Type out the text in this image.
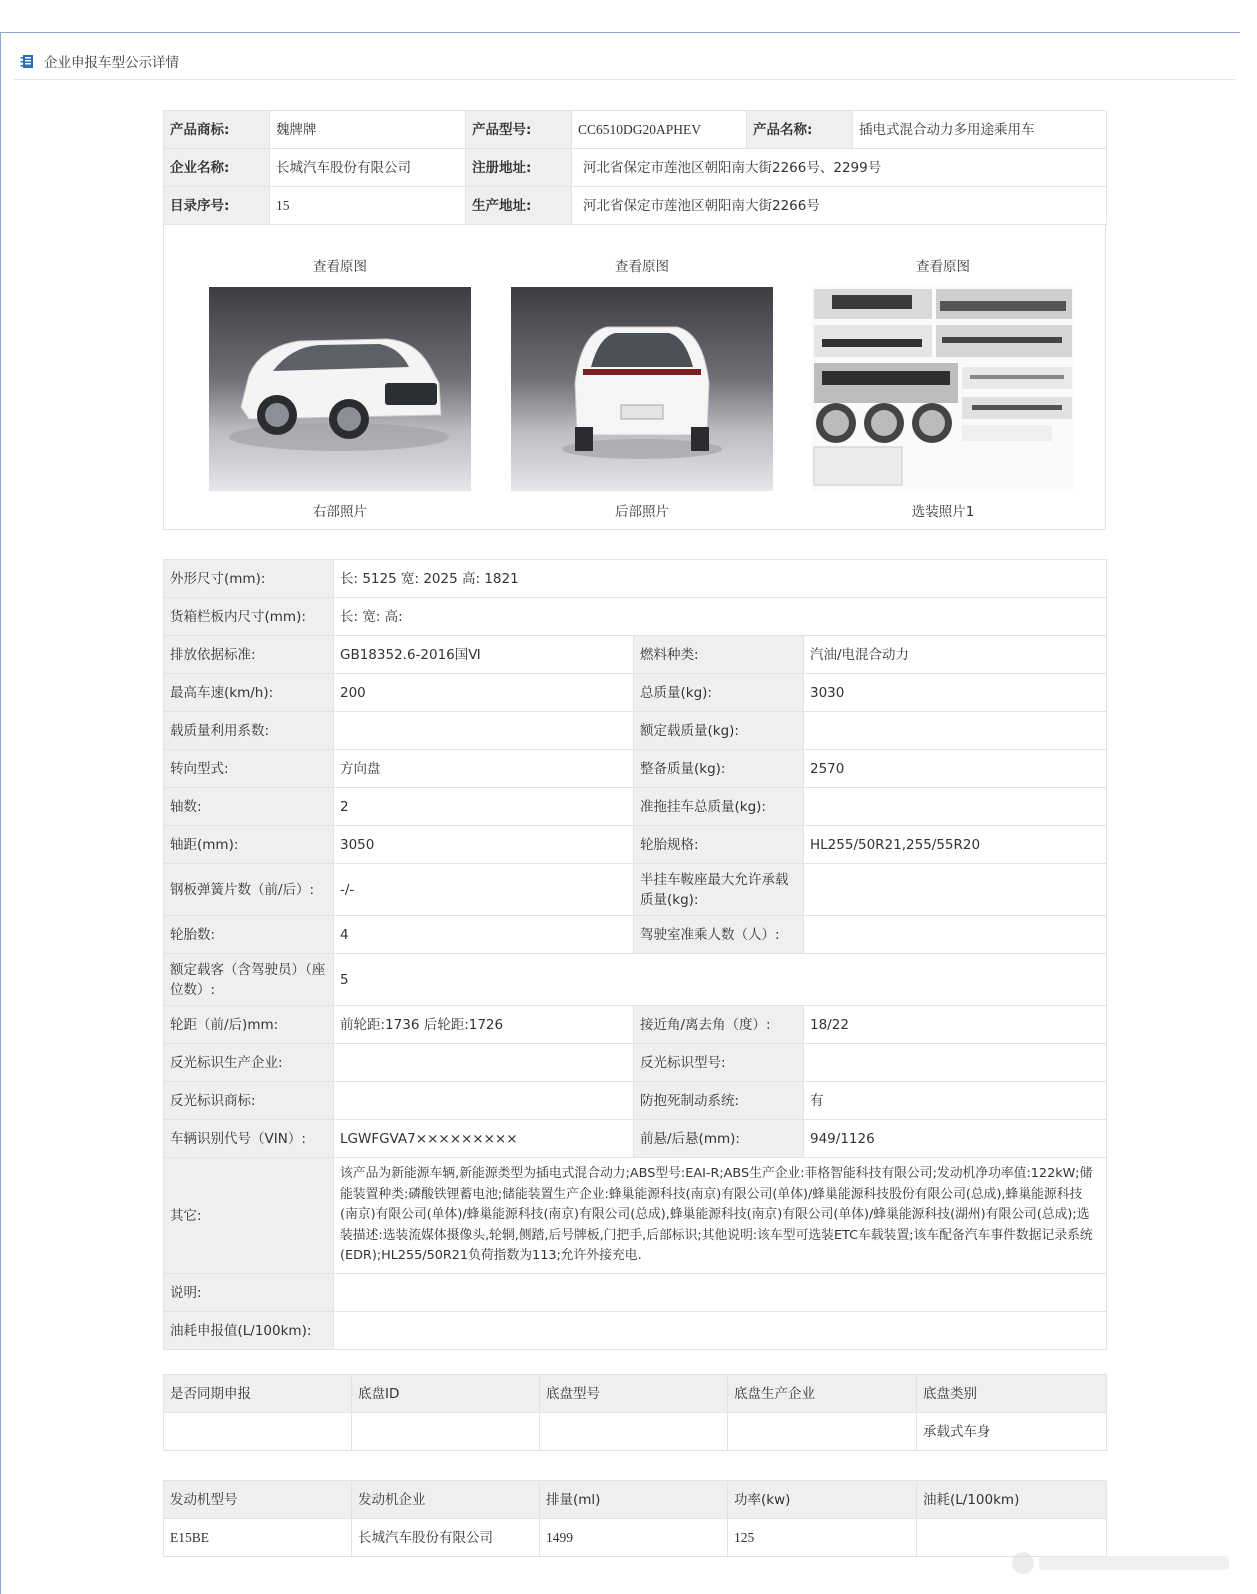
企业申报车型公示详情
产品商标:	魏牌牌	产品型号:	CC6510DG20APHEV	产品名称:	插电式混合动力多用途乘用车
企业名称:	长城汽车股份有限公司	注册地址:	河北省保定市莲池区朝阳南大街2266号、2299号		
目录序号:	15	生产地址:	河北省保定市莲池区朝阳南大街2266号		
查看原图
右部照片
查看原图
后部照片
查看原图
选装照片1
外形尺寸(mm):	长: 5125 宽: 2025 高: 1821		
货箱栏板内尺寸(mm):	长: 宽: 高:		
排放依据标准:	GB18352.6-2016国Ⅵ	燃料种类:	汽油/电混合动力
最高车速(km/h):	200	总质量(kg):	3030
载质量利用系数:		额定载质量(kg):	
转向型式:	方向盘	整备质量(kg):	2570
轴数:	2	准拖挂车总质量(kg):	
轴距(mm):	3050	轮胎规格:	HL255/50R21,255/55R20
钢板弹簧片数（前/后）:	-/-	半挂车鞍座最大允许承载质量(kg):	
轮胎数:	4	驾驶室准乘人数（人）:	
额定载客（含驾驶员）（座位数）:	5		
轮距（前/后)mm:	前轮距:1736 后轮距:1726	接近角/离去角（度）:	18/22
反光标识生产企业:		反光标识型号:	
反光标识商标:		防抱死制动系统:	有
车辆识别代号（VIN）:	LGWFGVA7×××××××××	前悬/后悬(mm):	949/1126
其它:	该产品为新能源车辆,新能源类型为插电式混合动力;ABS型号:EAI-R;ABS生产企业:菲格智能科技有限公司;发动机净功率值:122kW;储能装置种类:磷酸铁锂蓄电池;储能装置生产企业:蜂巢能源科技(南京)有限公司(单体)/蜂巢能源科技股份有限公司(总成),蜂巢能源科技(南京)有限公司(单体)/蜂巢能源科技(南京)有限公司(总成),蜂巢能源科技(南京)有限公司(单体)/蜂巢能源科技(湖州)有限公司(总成);选装描述:选装流媒体摄像头,轮辋,侧踏,后号牌板,门把手,后部标识;其他说明:该车型可选装ETC车载装置;该车配备汽车事件数据记录系统(EDR);HL255/50R21负荷指数为113;允许外接充电.		
说明:			
油耗申报值(L/100km):			
是否同期申报	底盘ID	底盘型号	底盘生产企业	底盘类别
				承载式车身
发动机型号	发动机企业	排量(ml)	功率(kw)	油耗(L/100km)
E15BE	长城汽车股份有限公司	1499	125	
